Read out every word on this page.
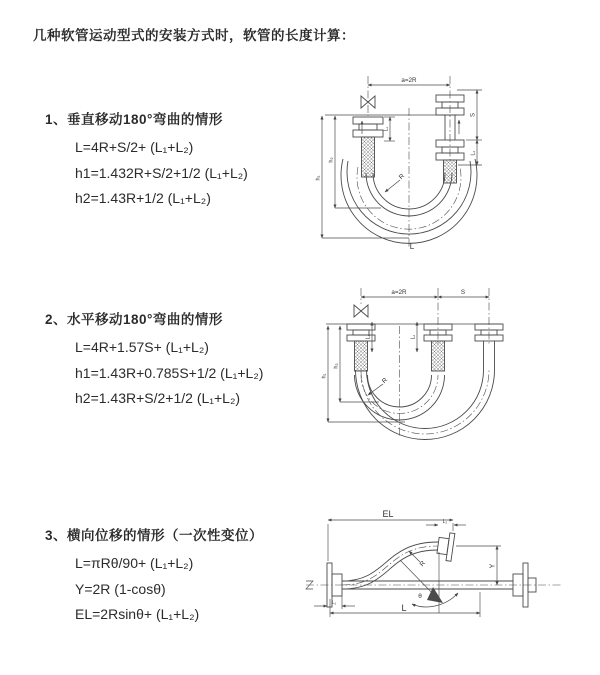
几种软管运动型式的安装方式时，软管的长度计算：
1、垂直移动180°弯曲的情形
L=4R+S/2+ (L₁+L₂)
h1=1.432R+S/2+1/2 (L₁+L₂)
h2=1.43R+1/2 (L₁+L₂)
2、水平移动180°弯曲的情形
L=4R+1.57S+ (L₁+L₂)
h1=1.43R+0.785S+1/2 (L₁+L₂)
h2=1.43R+S/2+1/2 (L₁+L₂)
3、横向位移的情形（一次性变位）
L=πRθ/90+ (L₁+L₂)
Y=2R (1-cosθ)
EL=2Rsinθ+ (L₁+L₂)
a=2R
L₁
S
L₂
h₁
h₂
R
L
a=2R	S
L₁	L₂
h₁
h₂
R
EL
L₂
Y
R
θ
L
L₁
